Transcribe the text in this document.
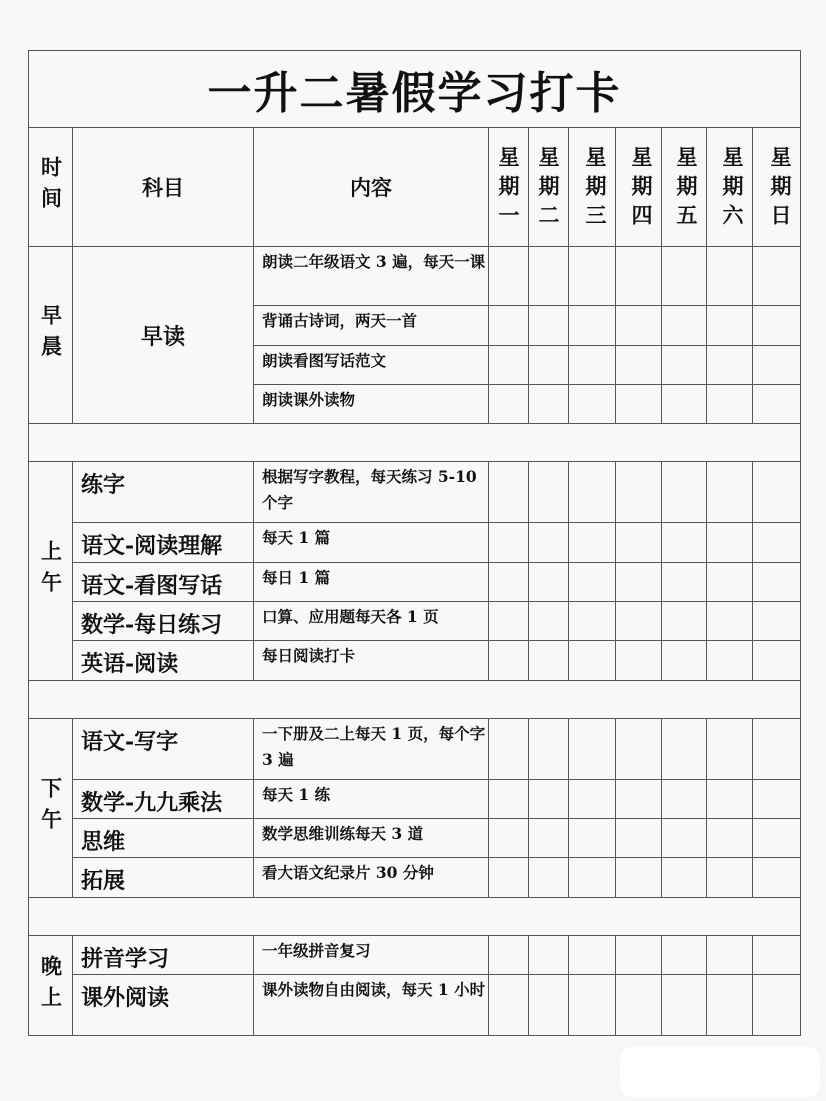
一升二暑假学习打卡									

时间	科目	内容	星期一	星期二	星期三	星期四	星期五	星期六	星期日

早晨	早读	朗读二年级语文 3 遍，每天一课							
		背诵古诗词，两天一首							
		朗读看图写话范文							
		朗读课外读物							

上午	练字	根据写字教程，每天练习 5-10 个字							
	语文-阅读理解	每天 1 篇							
	语文-看图写话	每日 1 篇							
	数学-每日练习	口算、应用题每天各 1 页							
	英语-阅读	每日阅读打卡							

下午	语文-写字	一下册及二上每天 1 页，每个字 3 遍							
	数学-九九乘法	每天 1 练							
	思维	数学思维训练每天 3 道							
	拓展	看大语文纪录片 30 分钟							

晚上	拼音学习	一年级拼音复习							
	课外阅读	课外读物自由阅读，每天 1 小时							
